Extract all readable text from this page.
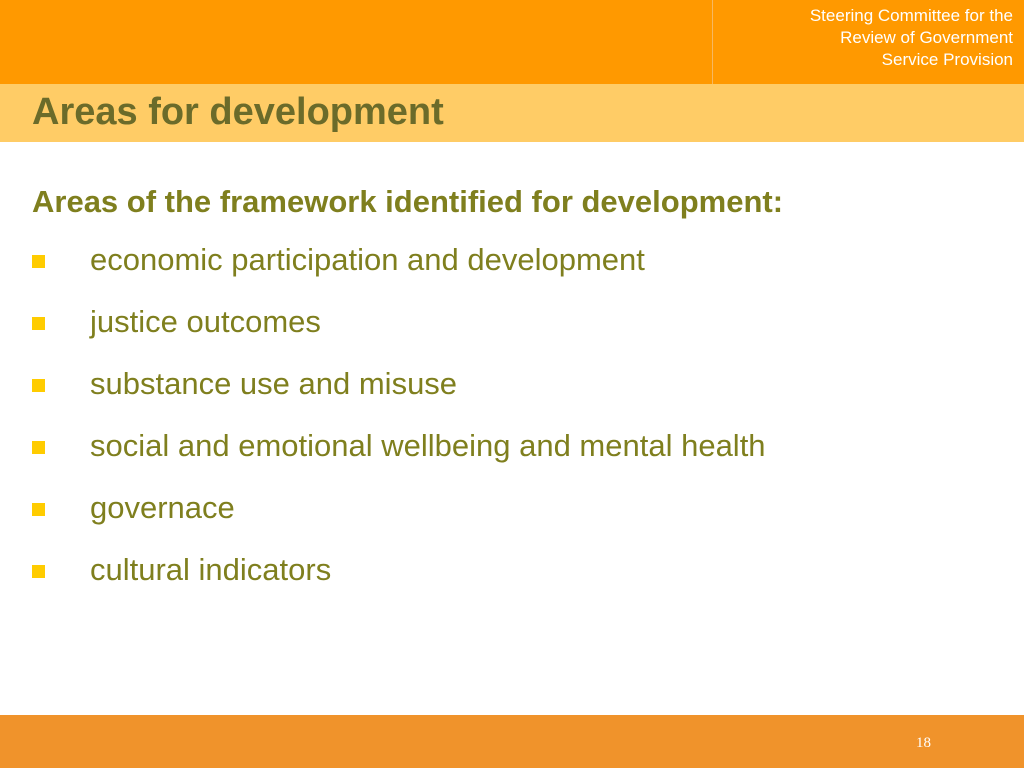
Steering Committee for the
Review of Government
Service Provision
Areas for development

Areas of the framework identified for development:

economic participation and development
justice outcomes
substance use and misuse
social and emotional wellbeing and mental health
governace
cultural indicators
18
